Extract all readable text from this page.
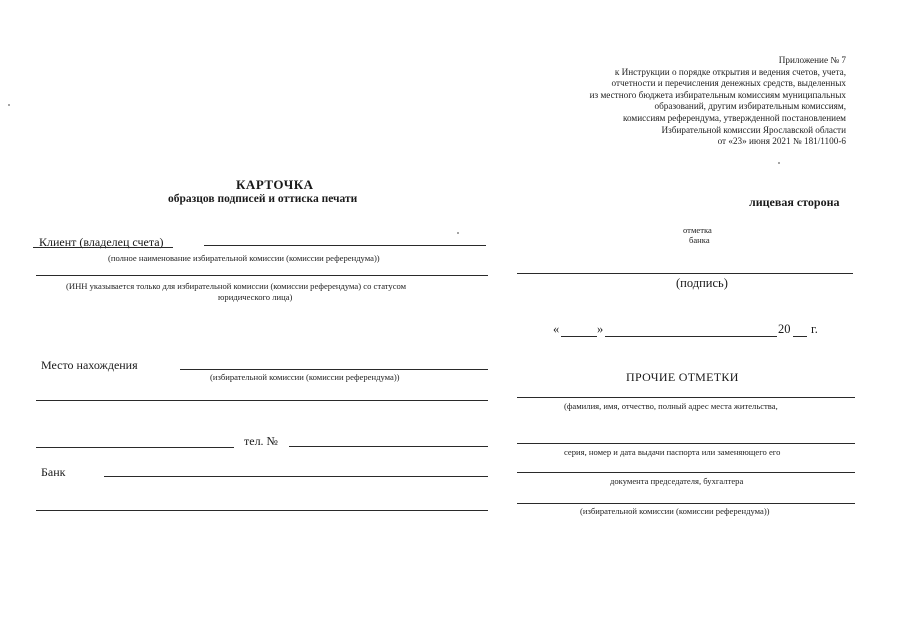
Приложение № 7
к Инструкции о порядке открытия и ведения счетов, учета,
отчетности и перечисления денежных средств, выделенных
из местного бюджета избирательным комиссиям муниципальных
образований, другим избирательным комиссиям,
комиссиям референдума, утвержденной постановлением
Избирательной комиссии Ярославской области
от «23» июня 2021 № 181/1100-6
КАРТОЧКА
образцов подписей и оттиска печати	лицевая сторона
Клиент (владелец счета)
(полное наименование избирательной комиссии (комиссии референдума))
(ИНН указывается только для избирательной комиссии (комиссии референдума) со статусом
юридического лица)
Место нахождения
(избирательной комиссии (комиссии референдума))
тел. №
Банк
отметка
банка
(подпись)
«	»	20 г.
ПРОЧИЕ ОТМЕТКИ
(фамилия, имя, отчество, полный адрес места жительства,
серия, номер и дата выдачи паспорта или заменяющего его
документа председателя, бухгалтера
(избирательной комиссии (комиссии референдума))
